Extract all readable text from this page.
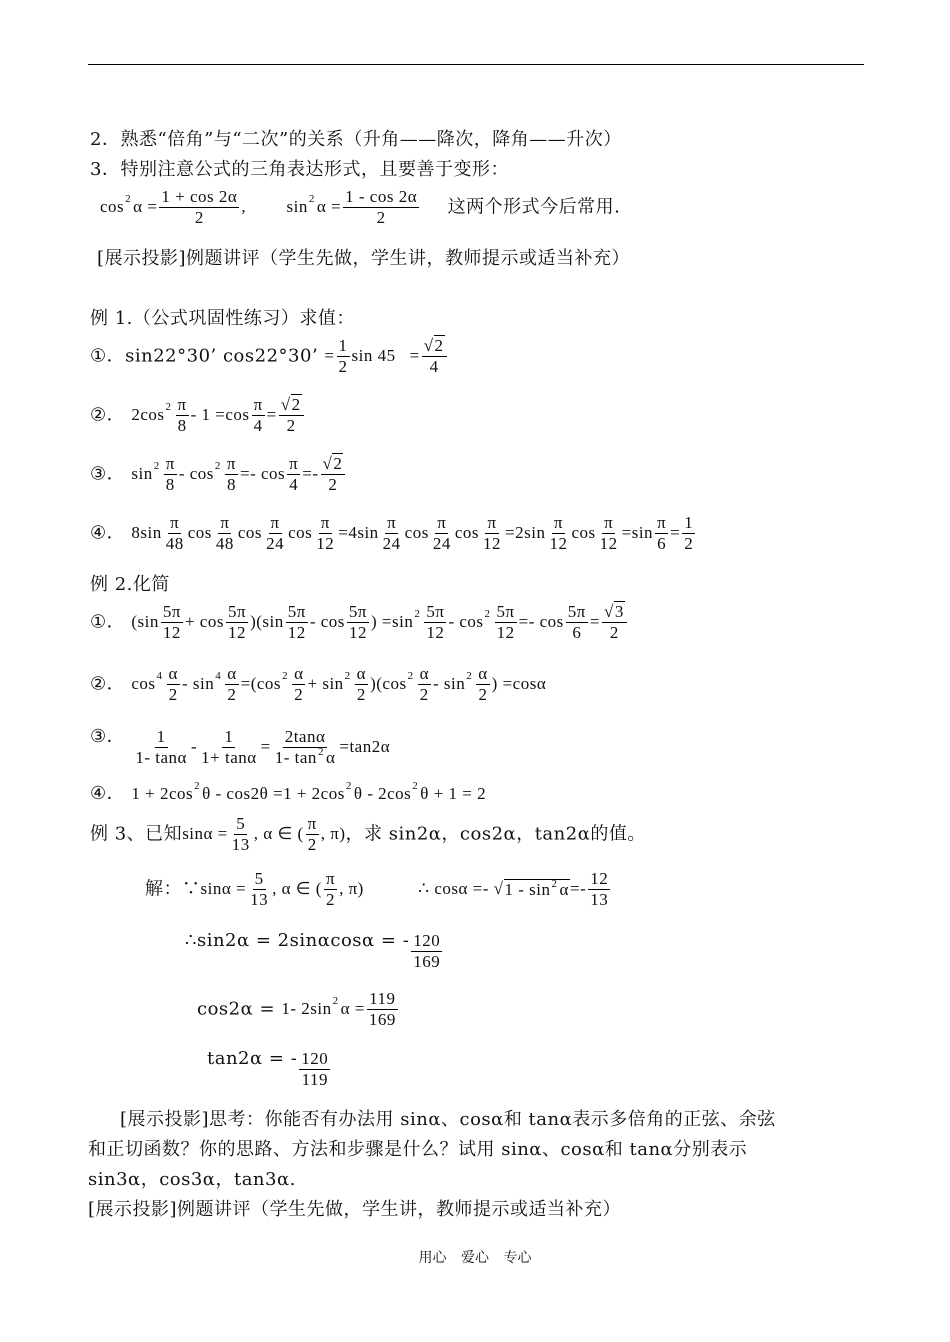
2．熟悉“倍角”与“二次”的关系（升角——降次，降角——升次）
3．特别注意公式的三角表达形式，且要善于变形：
cos 2 α =
1 + cos 2α
2
, sin 2 α =
1 - cos 2α
2	这两个形式今后常用.
[展示投影]例题讲评（学生先做，学生讲，教师提示或适当补充）
例 1.（公式巩固性练习）求值：
①．sin22°30’ cos22°30’ =
1
2
sin 45
=
√2
4
②． 2cos 2 π
8
- 1 =cos
π
4
=
√2
2
③． sin 2 π
8
- cos 2 π
8
=- cos
π
4
=-
√2
2
④． 8sin
π
48
cos
π
48
cos
π
24
cos
π
12
=4sin
π
24
cos
π
24
cos
π
12
=2sin
π
12
cos
π
12
=sin
π
6
=
1
2
例 2.化简
①． (sin
5π
12
+ cos
5π
12
)(sin
5π
12
- cos
5π
12
) =sin 2 5π
12
- cos 2 5π
12
=- cos
5π
6
=
√3
2
②． cos 4 α
2
- sin 4 α
2
=(cos 2 α
2
+ sin 2 α
2
)(cos 2 α
2
- sin 2 α
2
) =cosα
③． 1
1- tanα
-
1
1+ tanα
=
2tanα
1- $\tan^2 \alpha$
=tan2α
④． 1 + 2cos 2 θ - cos2θ =1 + 2cos 2 θ - 2cos 2 θ + 1 = 2
例 3、已知sinα =
5
13
, α ∈ (
π
2
, π)，求 sin2α，cos2α，tan2α的值。
解：∵sinα =
5
13
, α ∈ (
π
2
, π)	∴ cosα =- √ $1 - \sin^2 \alpha$ =-
12
13
∴sin2α = 2sinαcosα = - 120
169
cos2α = 1- 2sin 2 α =
119
169
tan2α = - 120
119
[展示投影]思考：你能否有办法用 sinα、cosα和 tanα表示多倍角的正弦、余弦
和正切函数？你的思路、方法和步骤是什么？试用 sinα、cosα和 tanα分别表示
sin3α，cos3α，tan3α.
[展示投影]例题讲评（学生先做，学生讲，教师提示或适当补充）
用心 爱心 专心
